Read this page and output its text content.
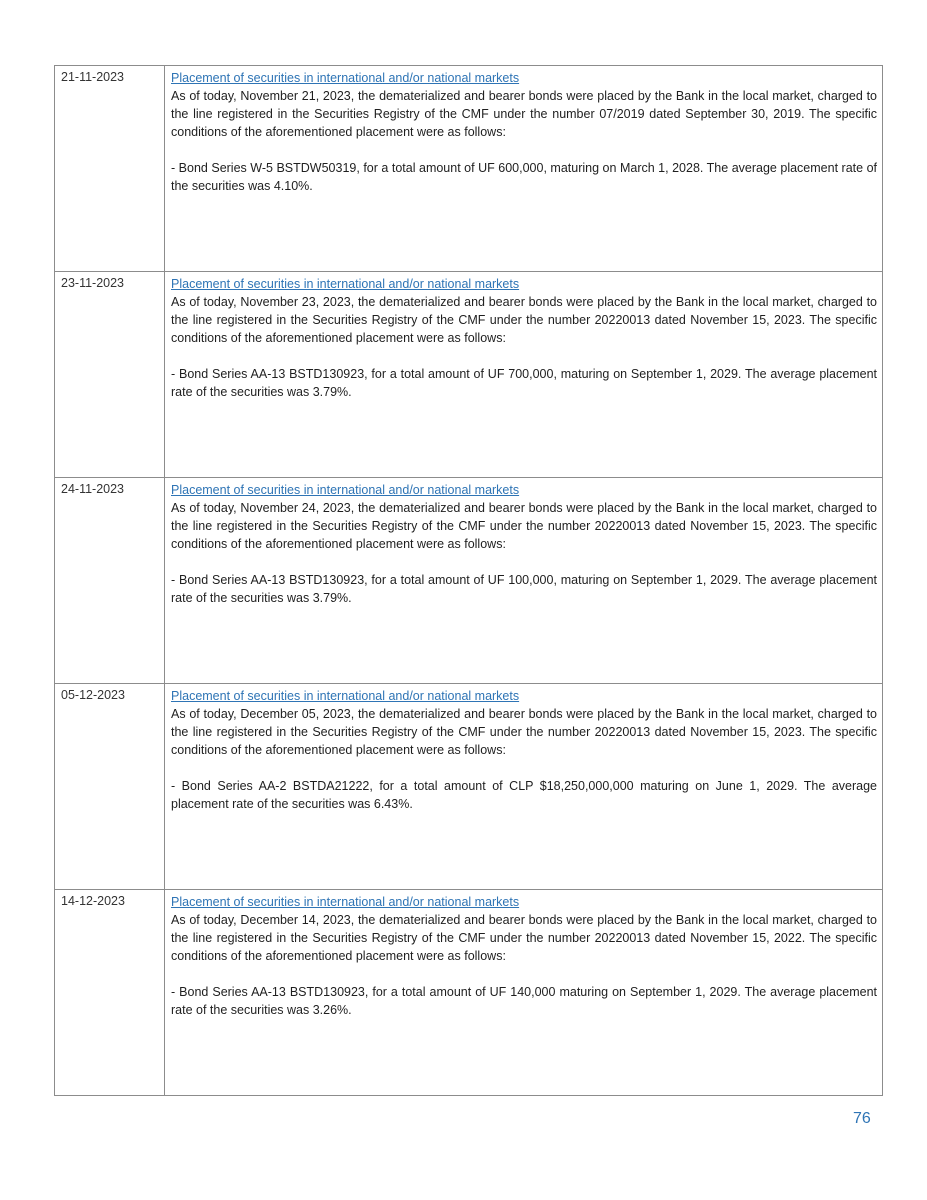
21-11-2023	Placement of securities in international and/or national markets
As of today, November 21, 2023, the dematerialized and bearer bonds were placed by the Bank in the local market, charged to the line registered in the Securities Registry of the CMF under the number 07/2019 dated September 30, 2019. The specific conditions of the aforementioned placement were as follows:
- Bond Series W-5 BSTDW50319, for a total amount of UF 600,000, maturing on March 1, 2028. The average placement rate of the securities was 4.10%.

23-11-2023	Placement of securities in international and/or national markets
As of today, November 23, 2023, the dematerialized and bearer bonds were placed by the Bank in the local market, charged to the line registered in the Securities Registry of the CMF under the number 20220013 dated November 15, 2023. The specific conditions of the aforementioned placement were as follows:
- Bond Series AA-13 BSTD130923, for a total amount of UF 700,000, maturing on September 1, 2029. The average placement rate of the securities was 3.79%.

24-11-2023	Placement of securities in international and/or national markets
As of today, November 24, 2023, the dematerialized and bearer bonds were placed by the Bank in the local market, charged to the line registered in the Securities Registry of the CMF under the number 20220013 dated November 15, 2023. The specific conditions of the aforementioned placement were as follows:
- Bond Series AA-13 BSTD130923, for a total amount of UF 100,000, maturing on September 1, 2029. The average placement rate of the securities was 3.79%.

05-12-2023	Placement of securities in international and/or national markets
As of today, December 05, 2023, the dematerialized and bearer bonds were placed by the Bank in the local market, charged to the line registered in the Securities Registry of the CMF under the number 20220013 dated November 15, 2023. The specific conditions of the aforementioned placement were as follows:
- Bond Series AA-2 BSTDA21222, for a total amount of CLP $18,250,000,000 maturing on June 1, 2029. The average placement rate of the securities was 6.43%.

14-12-2023	Placement of securities in international and/or national markets
As of today, December 14, 2023, the dematerialized and bearer bonds were placed by the Bank in the local market, charged to the line registered in the Securities Registry of the CMF under the number 20220013 dated November 15, 2022. The specific conditions of the aforementioned placement were as follows:
- Bond Series AA-13 BSTD130923, for a total amount of UF 140,000 maturing on September 1, 2029. The average placement rate of the securities was 3.26%.
76
